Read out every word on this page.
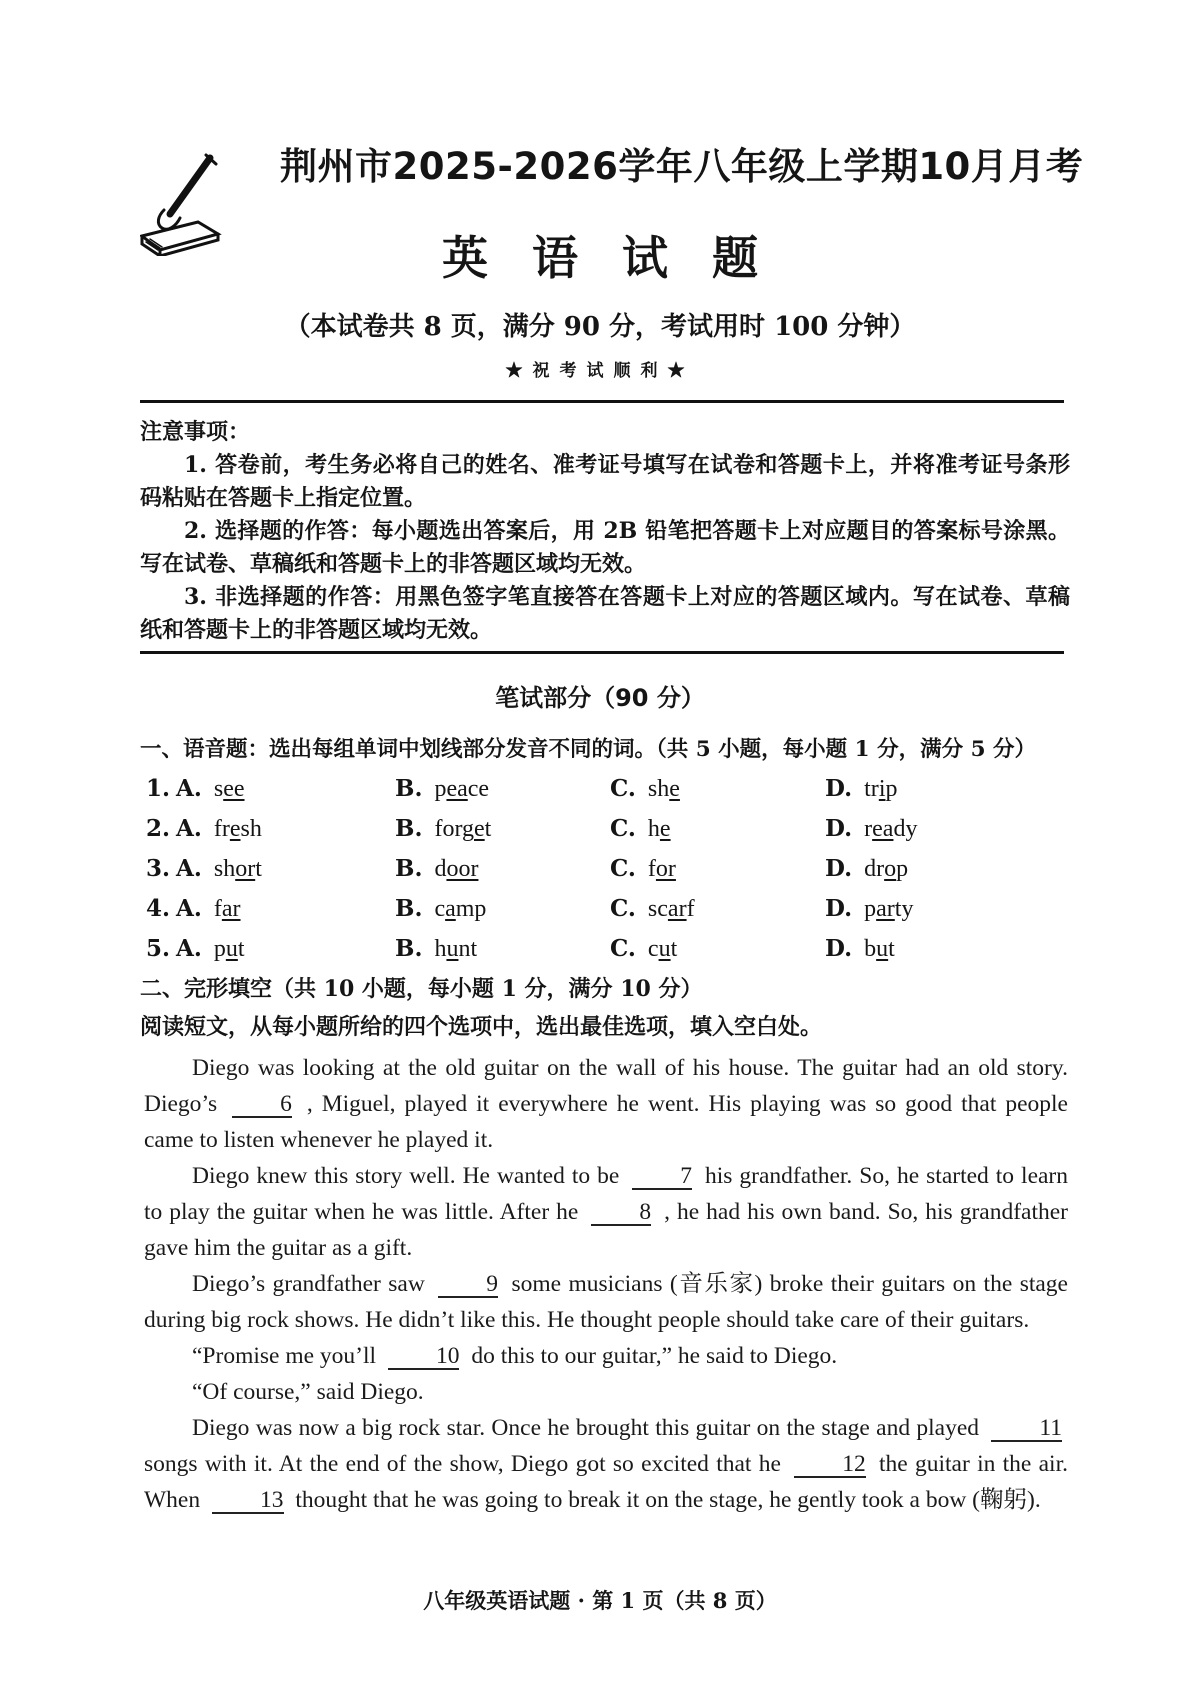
荆州市2025-2026学年八年级上学期10月月考
英语试题
（本试卷共 8 页，满分 90 分，考试用时 100 分钟）
★祝考试顺利★
注意事项：

1. 答卷前，考生务必将自己的姓名、准考证号填写在试卷和答题卡上，并将准考证号条形码粘贴在答题卡上指定位置。

2. 选择题的作答：每小题选出答案后，用 2B 铅笔把答题卡上对应题目的答案标号涂黑。写在试卷、草稿纸和答题卡上的非答题区域均无效。

3. 非选择题的作答：用黑色签字笔直接答在答题卡上对应的答题区域内。写在试卷、草稿纸和答题卡上的非答题区域均无效。

笔试部分（90 分）
一、语音题：选出每组单词中划线部分发音不同的词。（共 5 小题，每小题 1 分，满分 5 分）
1. A. see	B. peace	C. she	D. trip
2. A. fresh	B. forget	C. he	D. ready
3. A. short	B. door	C. for	D. drop
4. A. far	B. camp	C. scarf	D. party
5. A. put	B. hunt	C. cut	D. but
二、完形填空（共 10 小题，每小题 1 分，满分 10 分）
阅读短文，从每小题所给的四个选项中，选出最佳选项，填入空白处。

Diego was looking at the old guitar on the wall of his house. The guitar had an old story. Diego’s 6 , Miguel, played it everywhere he went. His playing was so good that people came to listen whenever he played it.

Diego knew this story well. He wanted to be 7 his grandfather. So, he started to learn to play the guitar when he was little. After he 8 , he had his own band. So, his grandfather gave him the guitar as a gift.

Diego’s grandfather saw 9 some musicians (音乐家) broke their guitars on the stage during big rock shows. He didn’t like this. He thought people should take care of their guitars.

“Promise me you’ll 10 do this to our guitar,” he said to Diego.

“Of course,” said Diego.

Diego was now a big rock star. Once he brought this guitar on the stage and played 11 songs with it. At the end of the show, Diego got so excited that he 12 the guitar in the air. When 13 thought that he was going to break it on the stage, he gently took a bow (鞠躬).

八年级英语试题 · 第 1 页（共 8 页）
